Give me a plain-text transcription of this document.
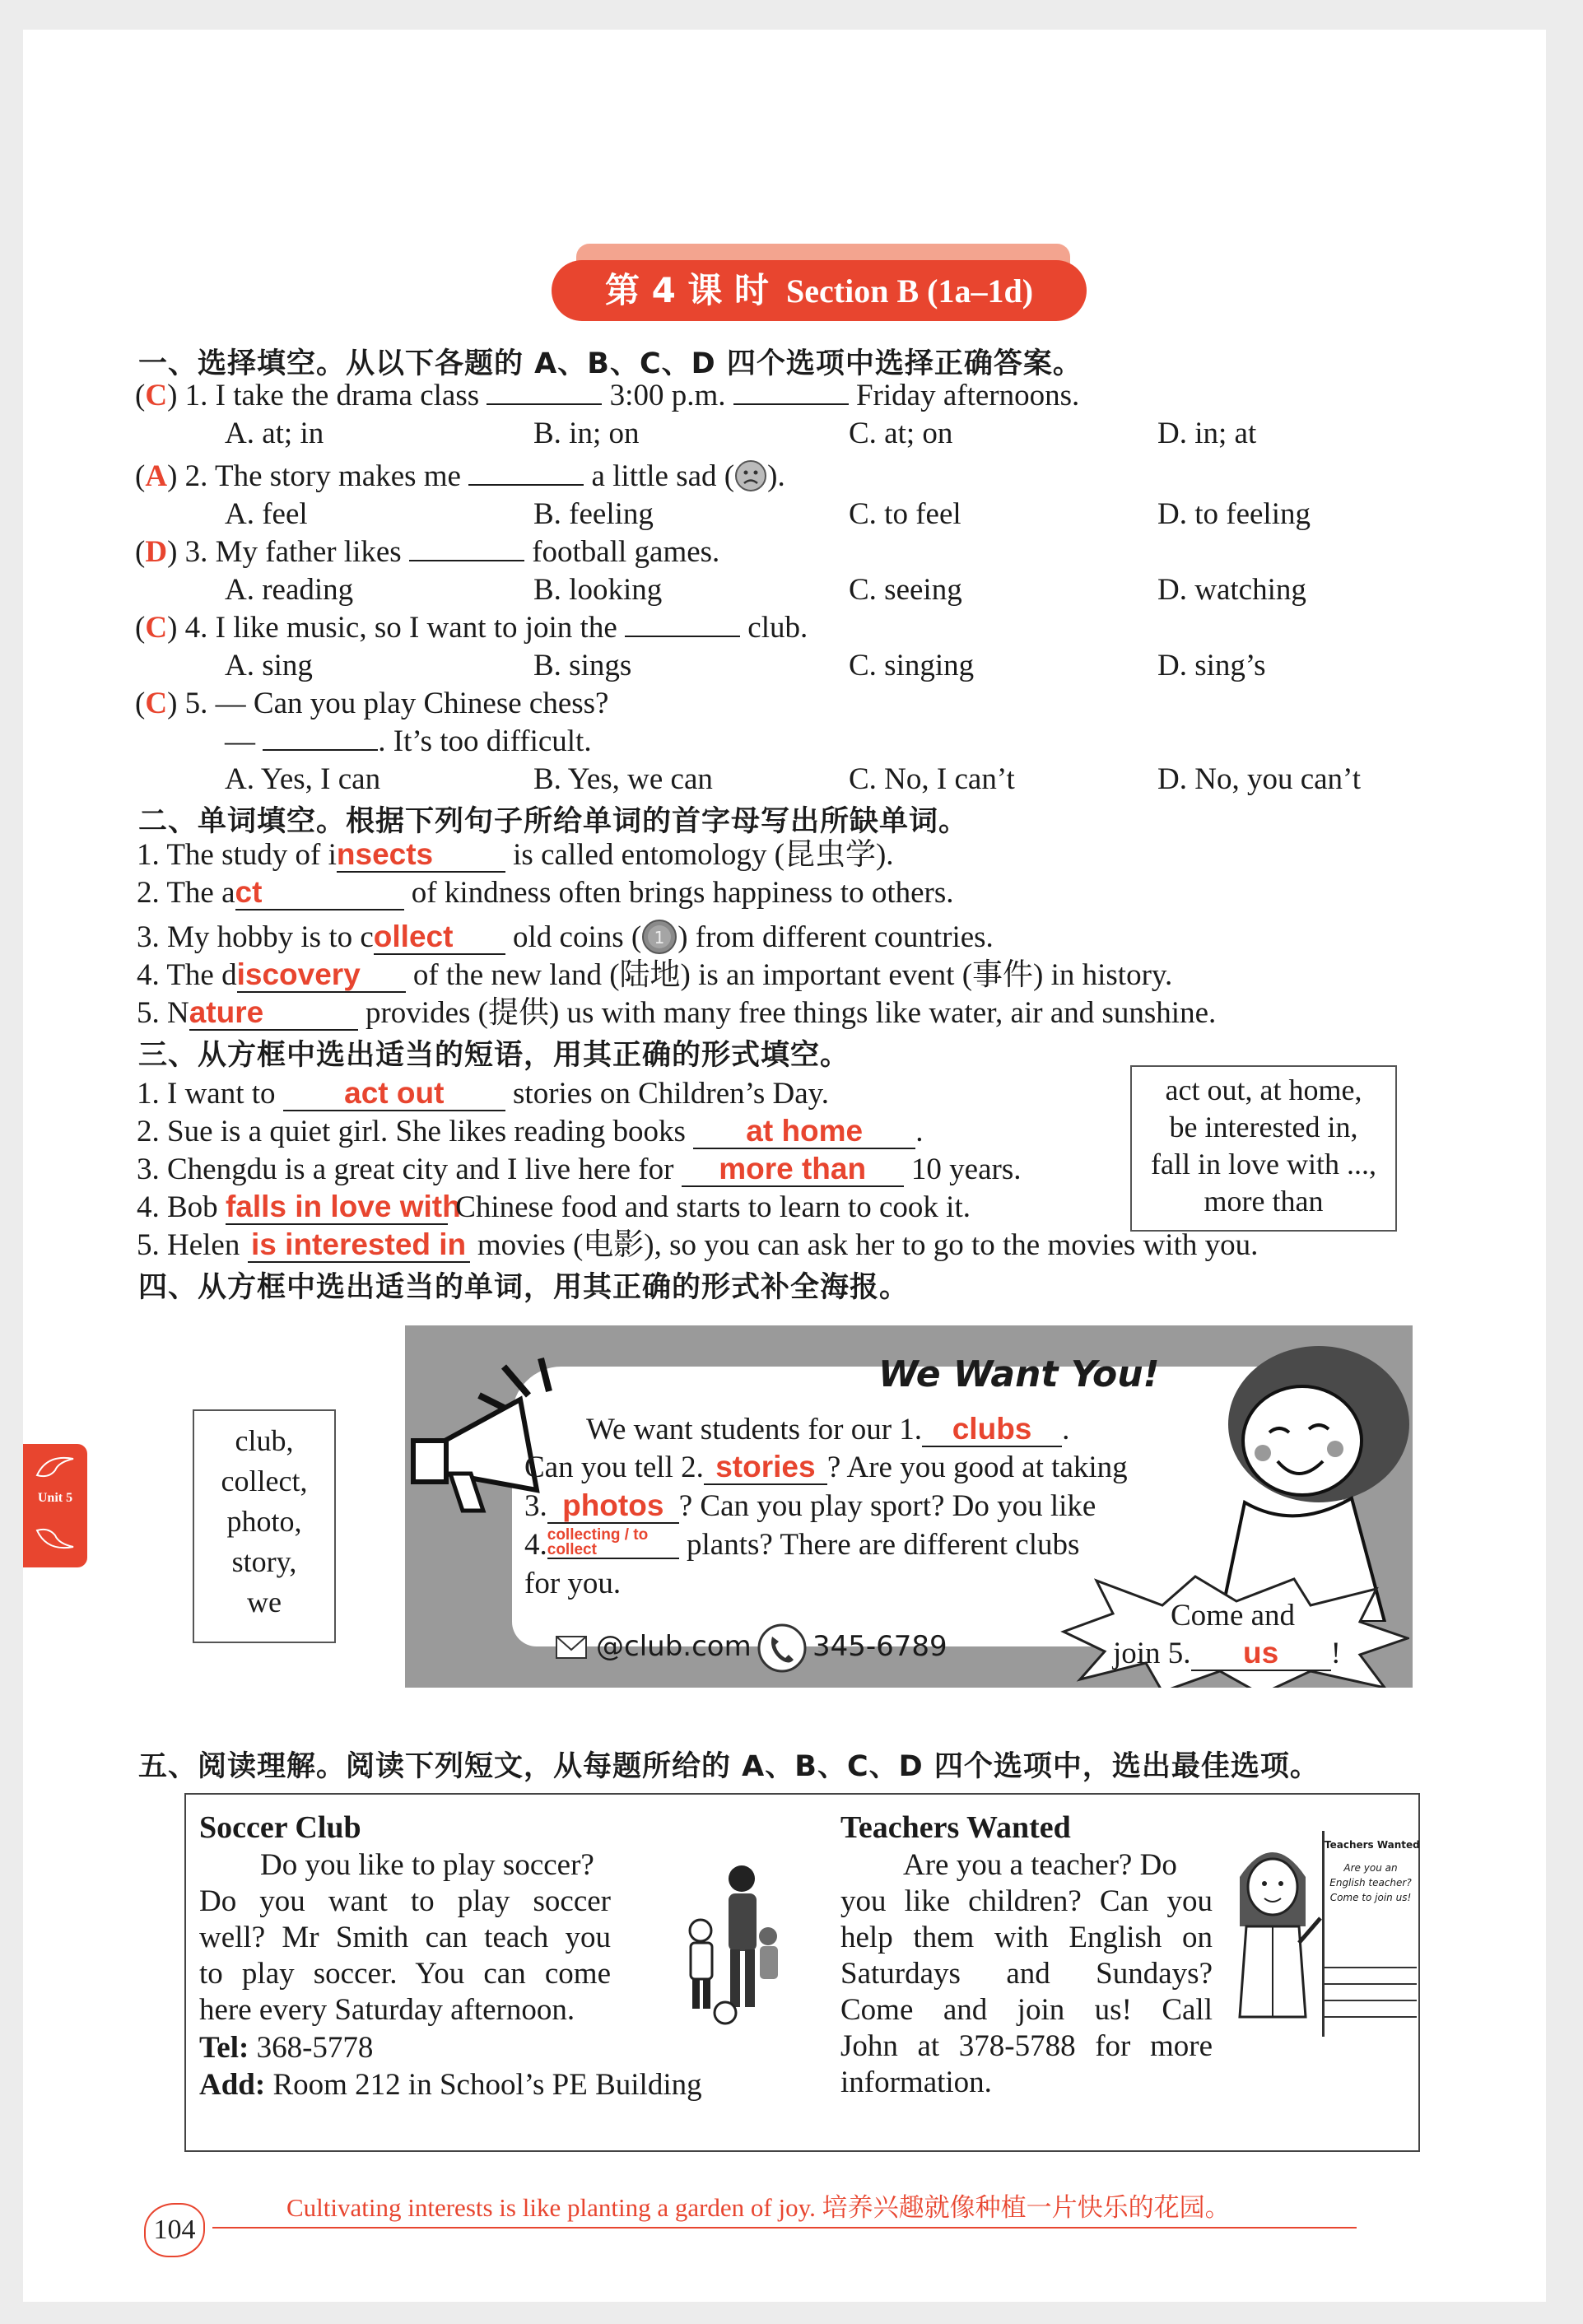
第 4 课 时 Section B (1a–1d)
一、选择填空。从以下各题的 A、B、C、D 四个选项中选择正确答案。
(C) 1. I take the drama class	3:00 p.m.	Friday afternoons.
A. at; in	B. in; on	C. at; on	D. in; at
(A) 2. The story makes me	a little sad ( ).
A. feel	B. feeling	C. to feel	D. to feeling
(D) 3. My father likes	football games.
A. reading	B. looking	C. seeing	D. watching
(C) 4. I like music, so I want to join the	club.
A. sing	B. sings	C. singing	D. sing’s
(C) 5. — Can you play Chinese chess?
—	. It’s too difficult.
A. Yes, I can	B. Yes, we can	C. No, I can’t	D. No, you can’t
二、单词填空。根据下列句子所给单词的首字母写出所缺单词。
1. The study of insects	is called entomology (昆虫学).
2. The act	of kindness often brings happiness to others.
3. My hobby is to collect old coins ( 1 ) from different countries.
4. The discovery of the new land (陆地) is an important event (事件) in history.
5. Nature	provides (提供) us with many free things like water, air and sunshine.
三、从方框中选出适当的短语，用其正确的形式填空。
act out, at home,
be interested in,
fall in love with ...,
more than
1. I want to act out stories on Children’s Day.
2. Sue is a quiet girl. She likes reading books at home .
3. Chengdu is a great city and I live here for more than 10 years.
4. Bob falls in love with Chinese food and starts to learn to cook it.
5. Helen is interested in movies (电影), so you can ask her to go to the movies with you.
四、从方框中选出适当的单词，用其正确的形式补全海报。
club,
collect,
photo,
story,
we
We Want You!
We want students for our 1. clubs .
Can you tell 2. stories ? Are you good at taking
3. photos ? Can you play sport? Do you like
4. collecting / to
collect	plants? There are different clubs
for you.
@club.com 345-6789
Come and
join 5. us !
五、阅读理解。阅读下列短文，从每题所给的 A、B、C、D 四个选项中，选出最佳选项。
Soccer Club
Do you like to play soccer?
Do you want to play soccer
well? Mr Smith can teach you
to play soccer. You can come
here every Saturday afternoon.
Tel: 368-5778
Add: Room 212 in School’s PE Building
Teachers Wanted
Are you a teacher? Do
you like children? Can you
help them with English on
Saturdays and Sundays?
Come and join us! Call
John at 378-5788 for more
information.
Teachers Wanted
Are you an
English teacher?
Come to join us!
Unit 5
104
Cultivating interests is like planting a garden of joy. 培养兴趣就像种植一片快乐的花园。
